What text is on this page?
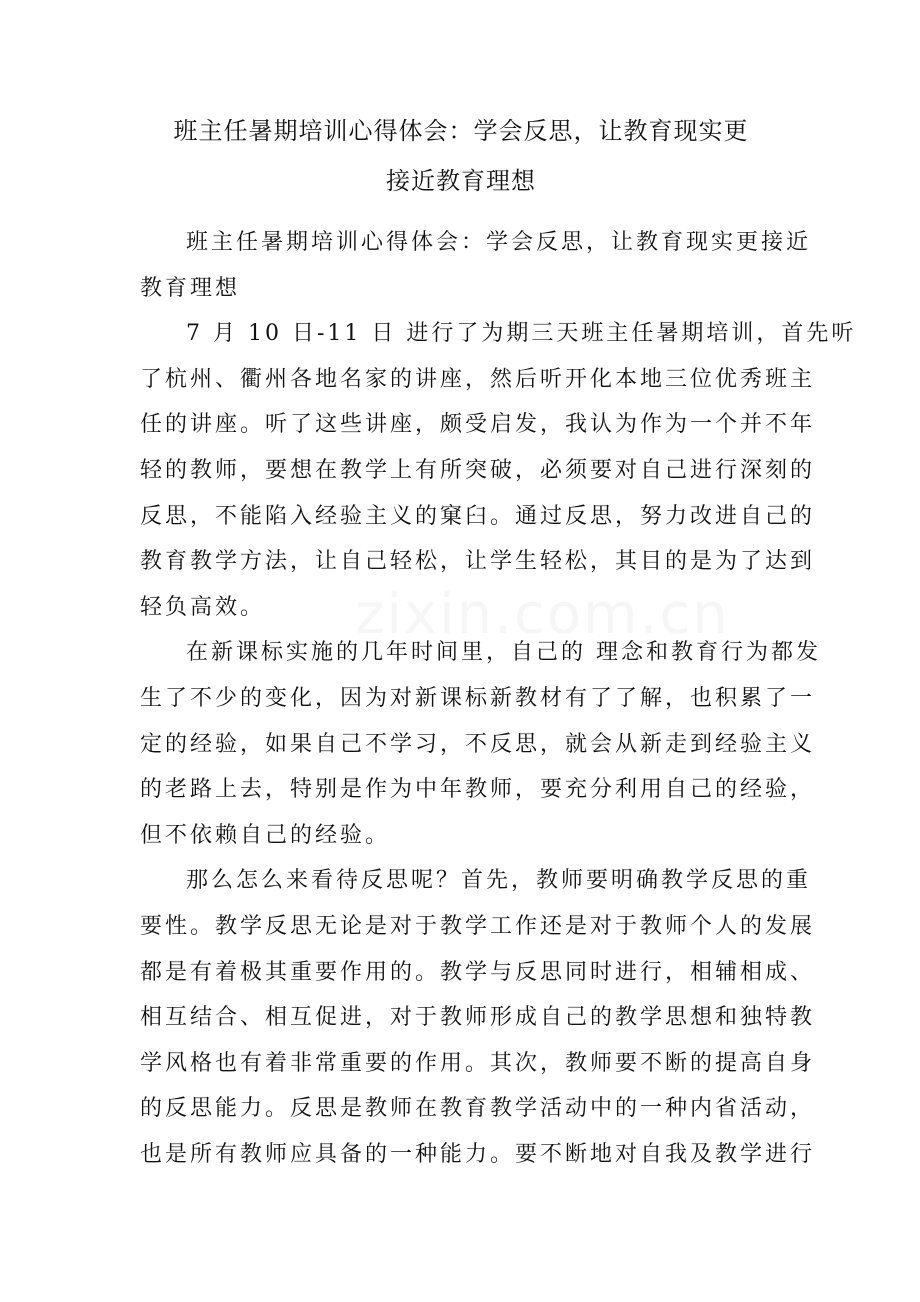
zixin.com.cn
班主任暑期培训心得体会：学会反思，让教育现实更
接近教育理想
班主任暑期培训心得体会：学会反思，让教育现实更接近
教育理想
7 月 10 日-11 日 进行了为期三天班主任暑期培训，首先听
了杭州、衢州各地名家的讲座，然后听开化本地三位优秀班主
任的讲座。听了这些讲座，颇受启发，我认为作为一个并不年
轻的教师，要想在教学上有所突破，必须要对自己进行深刻的
反思，不能陷入经验主义的窠臼。通过反思，努力改进自己的
教育教学方法，让自己轻松，让学生轻松，其目的是为了达到
轻负高效。
在新课标实施的几年时间里，自己的 理念和教育行为都发
生了不少的变化，因为对新课标新教材有了了解，也积累了一
定的经验，如果自己不学习，不反思，就会从新走到经验主义
的老路上去，特别是作为中年教师，要充分利用自己的经验，
但不依赖自己的经验。
那么怎么来看待反思呢？首先，教师要明确教学反思的重
要性。教学反思无论是对于教学工作还是对于教师个人的发展
都是有着极其重要作用的。教学与反思同时进行，相辅相成、
相互结合、相互促进，对于教师形成自己的教学思想和独特教
学风格也有着非常重要的作用。其次，教师要不断的提高自身
的反思能力。反思是教师在教育教学活动中的一种内省活动，
也是所有教师应具备的一种能力。要不断地对自我及教学进行
